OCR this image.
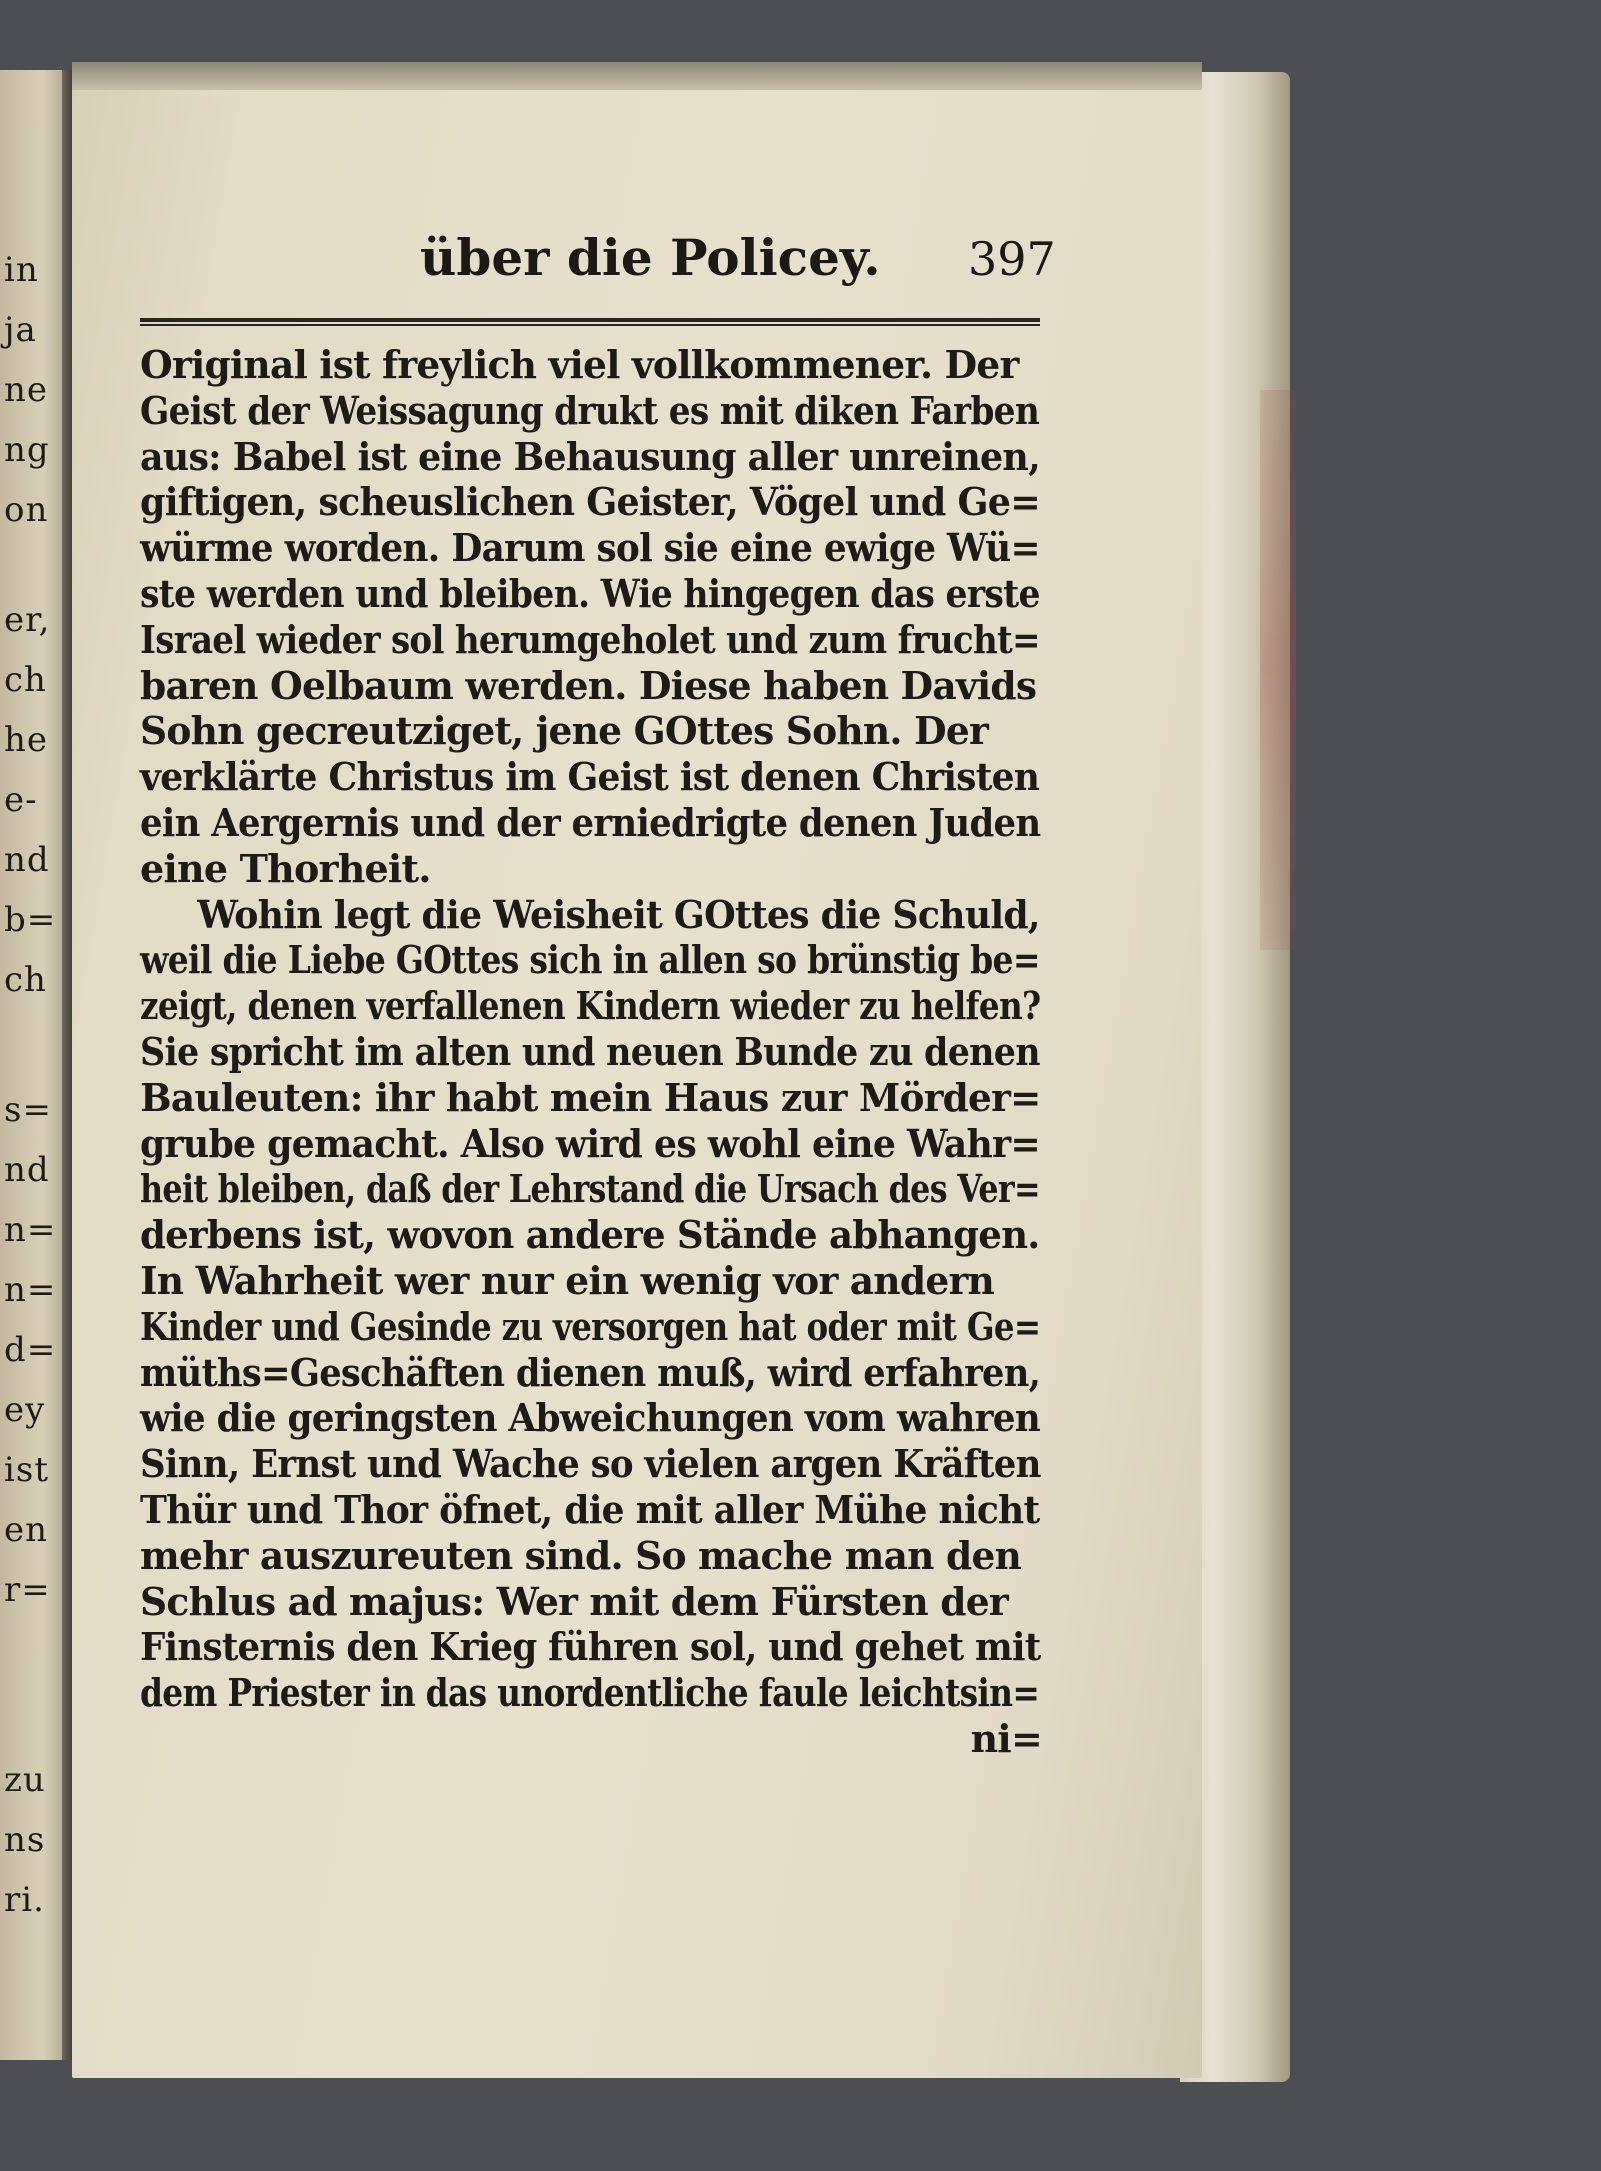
in
ja
ne
ng
on
er,
ch
he
e-
nd
b=
ch
s=
nd
n=
n=
d=
ey
ist
en
r=
zu
ns
ri.
über die Policey. 397
Original ist freylich viel vollkommener. Der
Geist der Weissagung drukt es mit diken Farben
aus: Babel ist eine Behausung aller unreinen,
giftigen, scheuslichen Geister, Vögel und Ge=
würme worden. Darum sol sie eine ewige Wü=
ste werden und bleiben. Wie hingegen das erste
Israel wieder sol herumgeholet und zum frucht=
baren Oelbaum werden. Diese haben Davids
Sohn gecreutziget, jene GOttes Sohn. Der
verklärte Christus im Geist ist denen Christen
ein Aergernis und der erniedrigte denen Juden
eine Thorheit.
Wohin legt die Weisheit GOttes die Schuld,
weil die Liebe GOttes sich in allen so brünstig be=
zeigt, denen verfallenen Kindern wieder zu helfen?
Sie spricht im alten und neuen Bunde zu denen
Bauleuten: ihr habt mein Haus zur Mörder=
grube gemacht. Also wird es wohl eine Wahr=
heit bleiben, daß der Lehrstand die Ursach des Ver=
derbens ist, wovon andere Stände abhangen.
In Wahrheit wer nur ein wenig vor andern
Kinder und Gesinde zu versorgen hat oder mit Ge=
müths=Geschäften dienen muß, wird erfahren,
wie die geringsten Abweichungen vom wahren
Sinn, Ernst und Wache so vielen argen Kräften
Thür und Thor öfnet, die mit aller Mühe nicht
mehr auszureuten sind. So mache man den
Schlus ad majus: Wer mit dem Fürsten der
Finsternis den Krieg führen sol, und gehet mit
dem Priester in das unordentliche faule leichtsin=
ni=
